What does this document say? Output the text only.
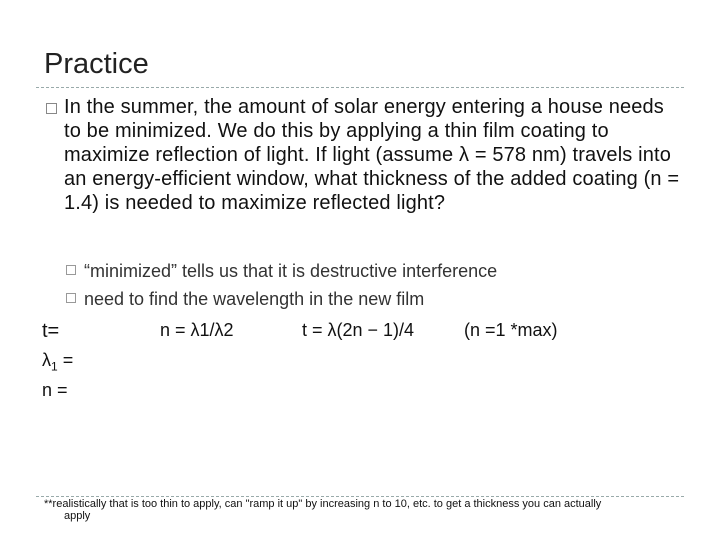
Practice
In the summer, the amount of solar energy entering a house needs to be minimized. We do this by applying a thin film coating to maximize reflection of light. If light (assume λ = 578 nm) travels into an energy-efficient window, what thickness of the added coating (n = 1.4) is needed to maximize reflected light?
“minimized” tells us that it is destructive interference
need to find the wavelength in the new film
t=	n = λ1/λ2	t = λ(2n − 1)/4	(n =1 *max)
$\lambda_1$ =
n =
**realistically that is too thin to apply, can "ramp it up" by increasing n to 10, etc. to get a thickness you can actually
apply
